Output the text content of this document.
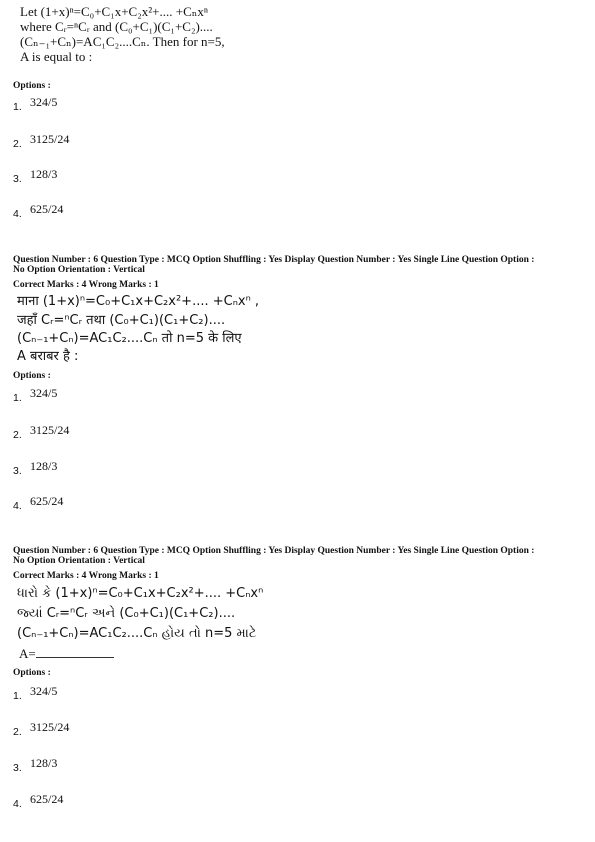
Let (1+x)ⁿ=C₀+C₁x+C₂x²+.... +Cₙxⁿ
where Cᵣ=ⁿCᵣ and (C₀+C₁)(C₁+C₂)....
(Cₙ₋₁+Cₙ)=AC₁C₂....Cₙ. Then for n=5,
A is equal to :
Options :
1. 324/5
2. 3125/24
3. 128/3
4. 625/24
Question Number : 6 Question Type : MCQ Option Shuffling : Yes Display Question Number : Yes Single Line Question Option :
No Option Orientation : Vertical
Correct Marks : 4 Wrong Marks : 1
माना (1+x)ⁿ=C₀+C₁x+C₂x²+.... +Cₙxⁿ ,
जहाँ Cᵣ=ⁿCᵣ तथा (C₀+C₁)(C₁+C₂)....
(Cₙ₋₁+Cₙ)=AC₁C₂....Cₙ तो n=5 के लिए
A बराबर है :
Options :
1. 324/5
2. 3125/24
3. 128/3
4. 625/24
Question Number : 6 Question Type : MCQ Option Shuffling : Yes Display Question Number : Yes Single Line Question Option :
No Option Orientation : Vertical
Correct Marks : 4 Wrong Marks : 1
ધારો કે (1+x)ⁿ=C₀+C₁x+C₂x²+.... +Cₙxⁿ
જ્યાં Cᵣ=ⁿCᵣ અને (C₀+C₁)(C₁+C₂)....
(Cₙ₋₁+Cₙ)=AC₁C₂....Cₙ હોય તો n=5 માટે
A=
Options :
1. 324/5
2. 3125/24
3. 128/3
4. 625/24
